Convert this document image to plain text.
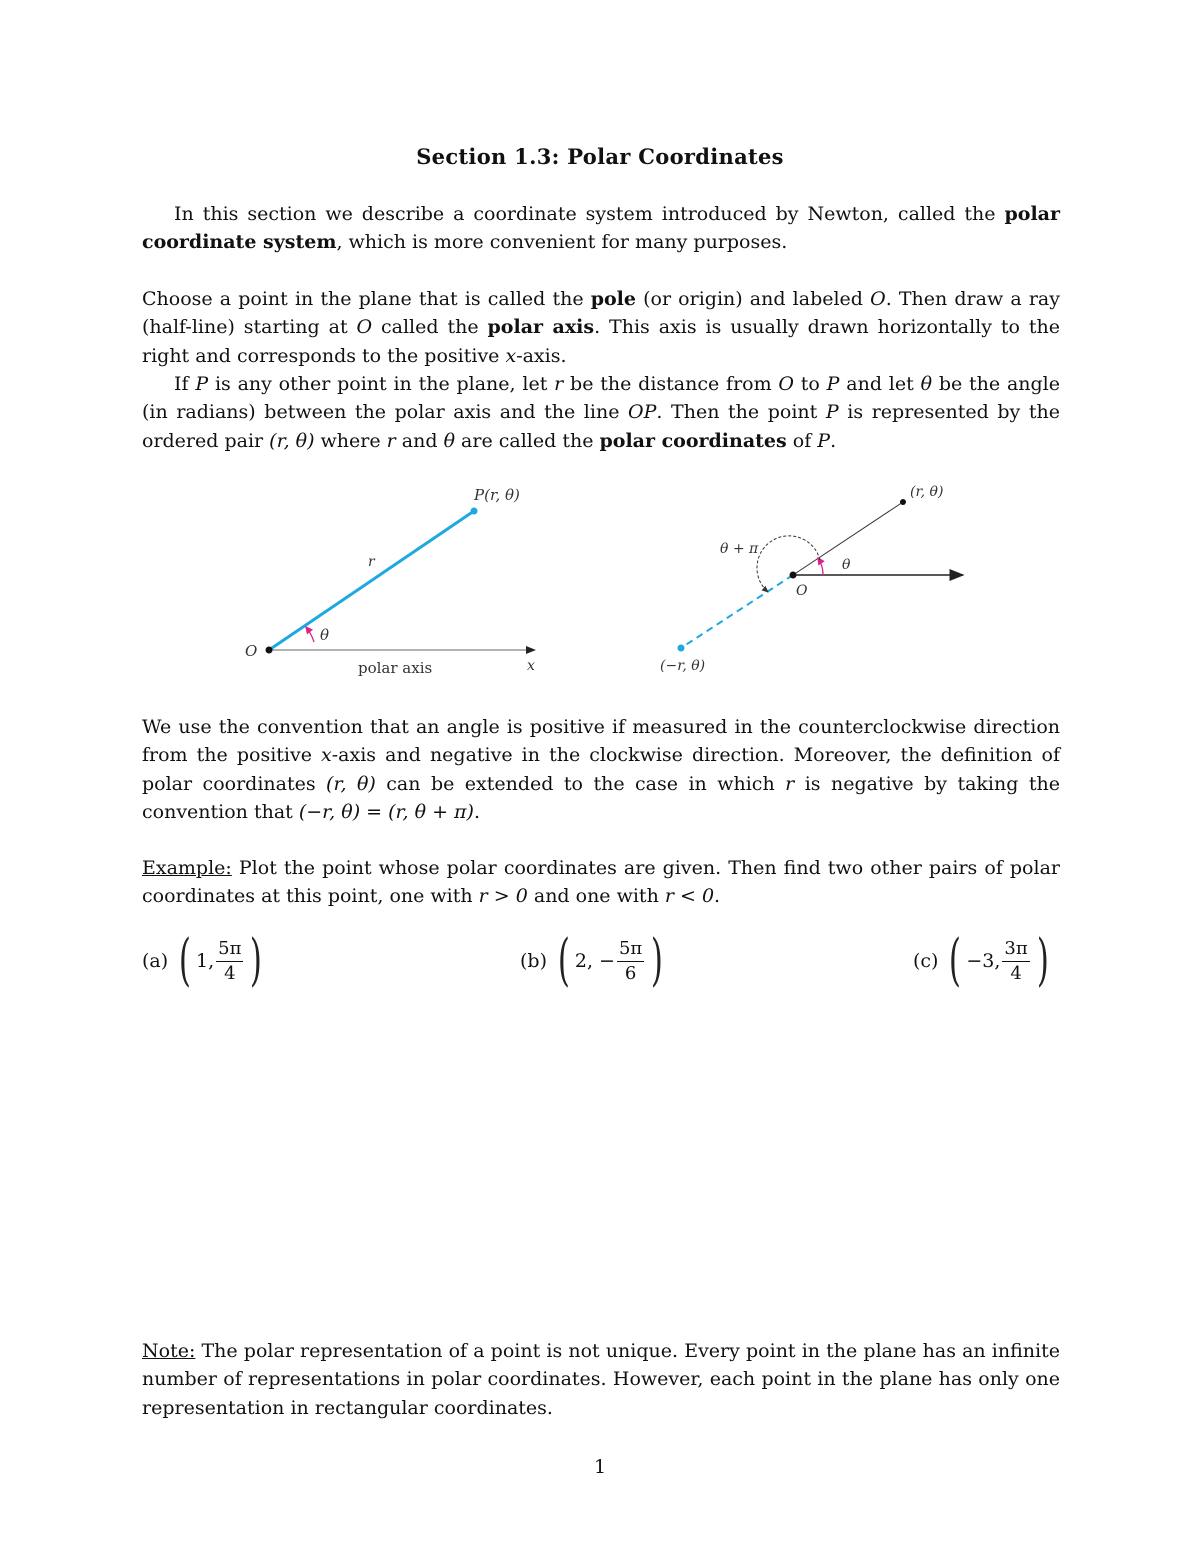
Section 1.3: Polar Coordinates
In this section we describe a coordinate system introduced by Newton, called the polar coordinate system, which is more convenient for many purposes.
Choose a point in the plane that is called the pole (or origin) and labeled O. Then draw a ray (half-line) starting at O called the polar axis. This axis is usually drawn horizontally to the right and corresponds to the positive x-axis.
If P is any other point in the plane, let r be the distance from O to P and let θ be the angle (in radians) between the polar axis and the line OP. Then the point P is represented by the ordered pair (r, θ) where r and θ are called the polar coordinates of P.
P(r, θ)
r
θ
O
polar axis	x
(r, θ)
θ + π
θ
O
(−r, θ)
We use the convention that an angle is positive if measured in the counterclockwise direction from the positive x-axis and negative in the clockwise direction. Moreover, the definition of polar coordinates (r, θ) can be extended to the case in which r is negative by taking the convention that (−r, θ) = (r, θ + π).
Example: Plot the point whose polar coordinates are given. Then find two other pairs of polar coordinates at this point, one with r > 0 and one with r < 0.
(a) ( 1, $\frac{5\pi}{4}$ )	(b) ( 2, − $\frac{5\pi}{6}$ )	(c) ( −3, $\frac{3\pi}{4}$ )
Note: The polar representation of a point is not unique. Every point in the plane has an infinite number of representations in polar coordinates. However, each point in the plane has only one representation in rectangular coordinates.
1
